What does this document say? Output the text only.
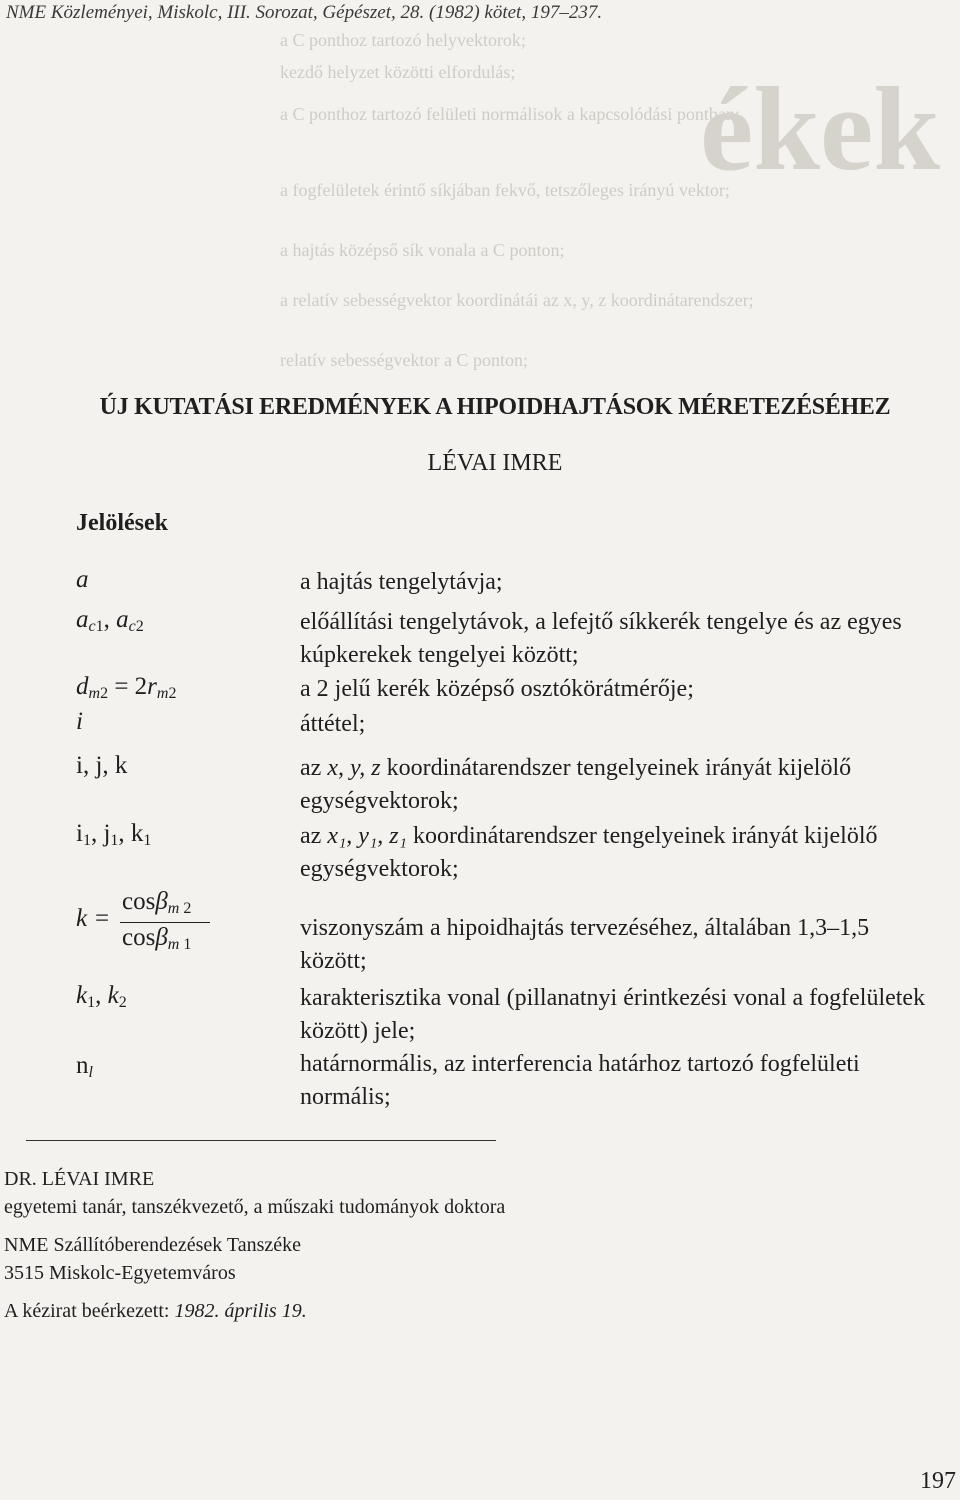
NME Közleményei, Miskolc, III. Sorozat, Gépészet, 28. (1982) kötet, 197–237.
a C ponthoz tartozó helyvektorok;
kezdő helyzet közötti elfordulás;
a C ponthoz tartozó felületi normálisok a kapcsolódási pontban;
a fogfelületek érintő síkjában fekvő, tetszőleges irányú vektor;
a hajtás középső sík vonala a C ponton;
a relatív sebességvektor koordinátái az x, y, z koordinátarendszer;
relatív sebességvektor a C ponton;
ékek
ÚJ KUTATÁSI EREDMÉNYEK A HIPOIDHAJTÁSOK MÉRETEZÉSÉHEZ
LÉVAI IMRE
Jelölések
a
$a_{c1}$, $a_{c2}$
$d_{m2} = 2r_{m2}$
i
i, j, k
$i_1$, $j_1$, $k_1$
k =
cosβ$_{m 2}$
cosβ$_{m 1}$
$k_1$, $k_2$
$n_l$
a hajtás tengelytávja;
előállítási tengelytávok, a lefejtő síkkerék tengelye és az egyes kúpkerekek tengelyei között;
a 2 jelű kerék középső osztókörátmérője;
áttétel;
az x, y, z koordinátarendszer tengelyeinek irányát kijelölő egységvektorok;
az x₁, y₁, z₁ koordinátarendszer tengelyeinek irányát kijelölő egységvektorok;
viszonyszám a hipoidhajtás tervezéséhez, általában 1,3–1,5 között;
karakterisztika vonal (pillanatnyi érintkezési vonal a fogfelületek között) jele;
határnormális, az interferencia határhoz tartozó fogfelületi normális;
DR. LÉVAI IMRE
egyetemi tanár, tanszékvezető, a műszaki tudományok doktora
NME Szállítóberendezések Tanszéke
3515 Miskolc-Egyetemváros
A kézirat beérkezett: 1982. április 19.
197
